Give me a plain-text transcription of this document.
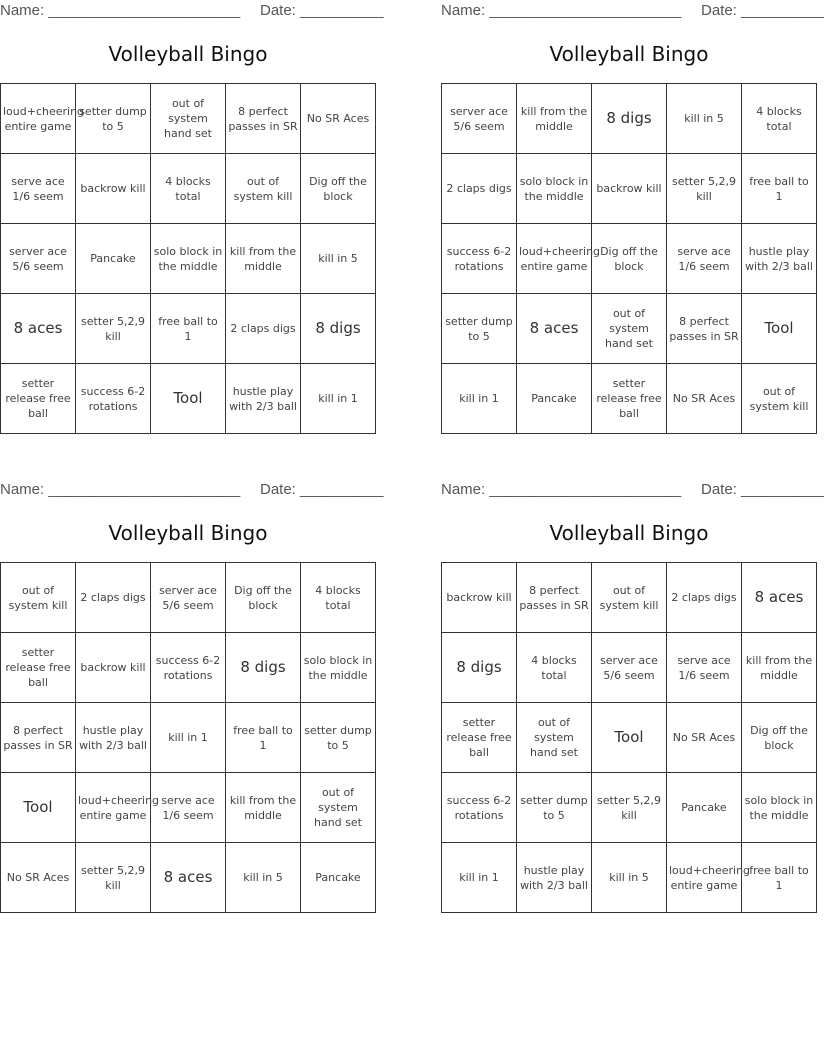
Name: _______________________ Date: __________
Volleyball Bingo
loud+cheering entire game	setter dump to 5	out of system hand set	8 perfect passes in SR	No SR Aces
serve ace 1/6 seem	backrow kill	4 blocks total	out of system kill	Dig off the block
server ace 5/6 seem	Pancake	solo block in the middle	kill from the middle	kill in 5
8 aces	setter 5,2,9 kill	free ball to 1	2 claps digs	8 digs
setter release free ball	success 6-2 rotations	Tool	hustle play with 2/3 ball	kill in 1
Name: _______________________ Date: __________
Volleyball Bingo
server ace 5/6 seem	kill from the middle	8 digs	kill in 5	4 blocks total
2 claps digs	solo block in the middle	backrow kill	setter 5,2,9 kill	free ball to 1
success 6-2 rotations	loud+cheering entire game	Dig off the block	serve ace 1/6 seem	hustle play with 2/3 ball
setter dump to 5	8 aces	out of system hand set	8 perfect passes in SR	Tool
kill in 1	Pancake	setter release free ball	No SR Aces	out of system kill
Name: _______________________ Date: __________
Volleyball Bingo
out of system kill	2 claps digs	server ace 5/6 seem	Dig off the block	4 blocks total
setter release free ball	backrow kill	success 6-2 rotations	8 digs	solo block in the middle
8 perfect passes in SR	hustle play with 2/3 ball	kill in 1	free ball to 1	setter dump to 5
Tool	loud+cheering entire game	serve ace 1/6 seem	kill from the middle	out of system hand set
No SR Aces	setter 5,2,9 kill	8 aces	kill in 5	Pancake
Name: _______________________ Date: __________
Volleyball Bingo
backrow kill	8 perfect passes in SR	out of system kill	2 claps digs	8 aces
8 digs	4 blocks total	server ace 5/6 seem	serve ace 1/6 seem	kill from the middle
setter release free ball	out of system hand set	Tool	No SR Aces	Dig off the block
success 6-2 rotations	setter dump to 5	setter 5,2,9 kill	Pancake	solo block in the middle
kill in 1	hustle play with 2/3 ball	kill in 5	loud+cheering entire game	free ball to 1
